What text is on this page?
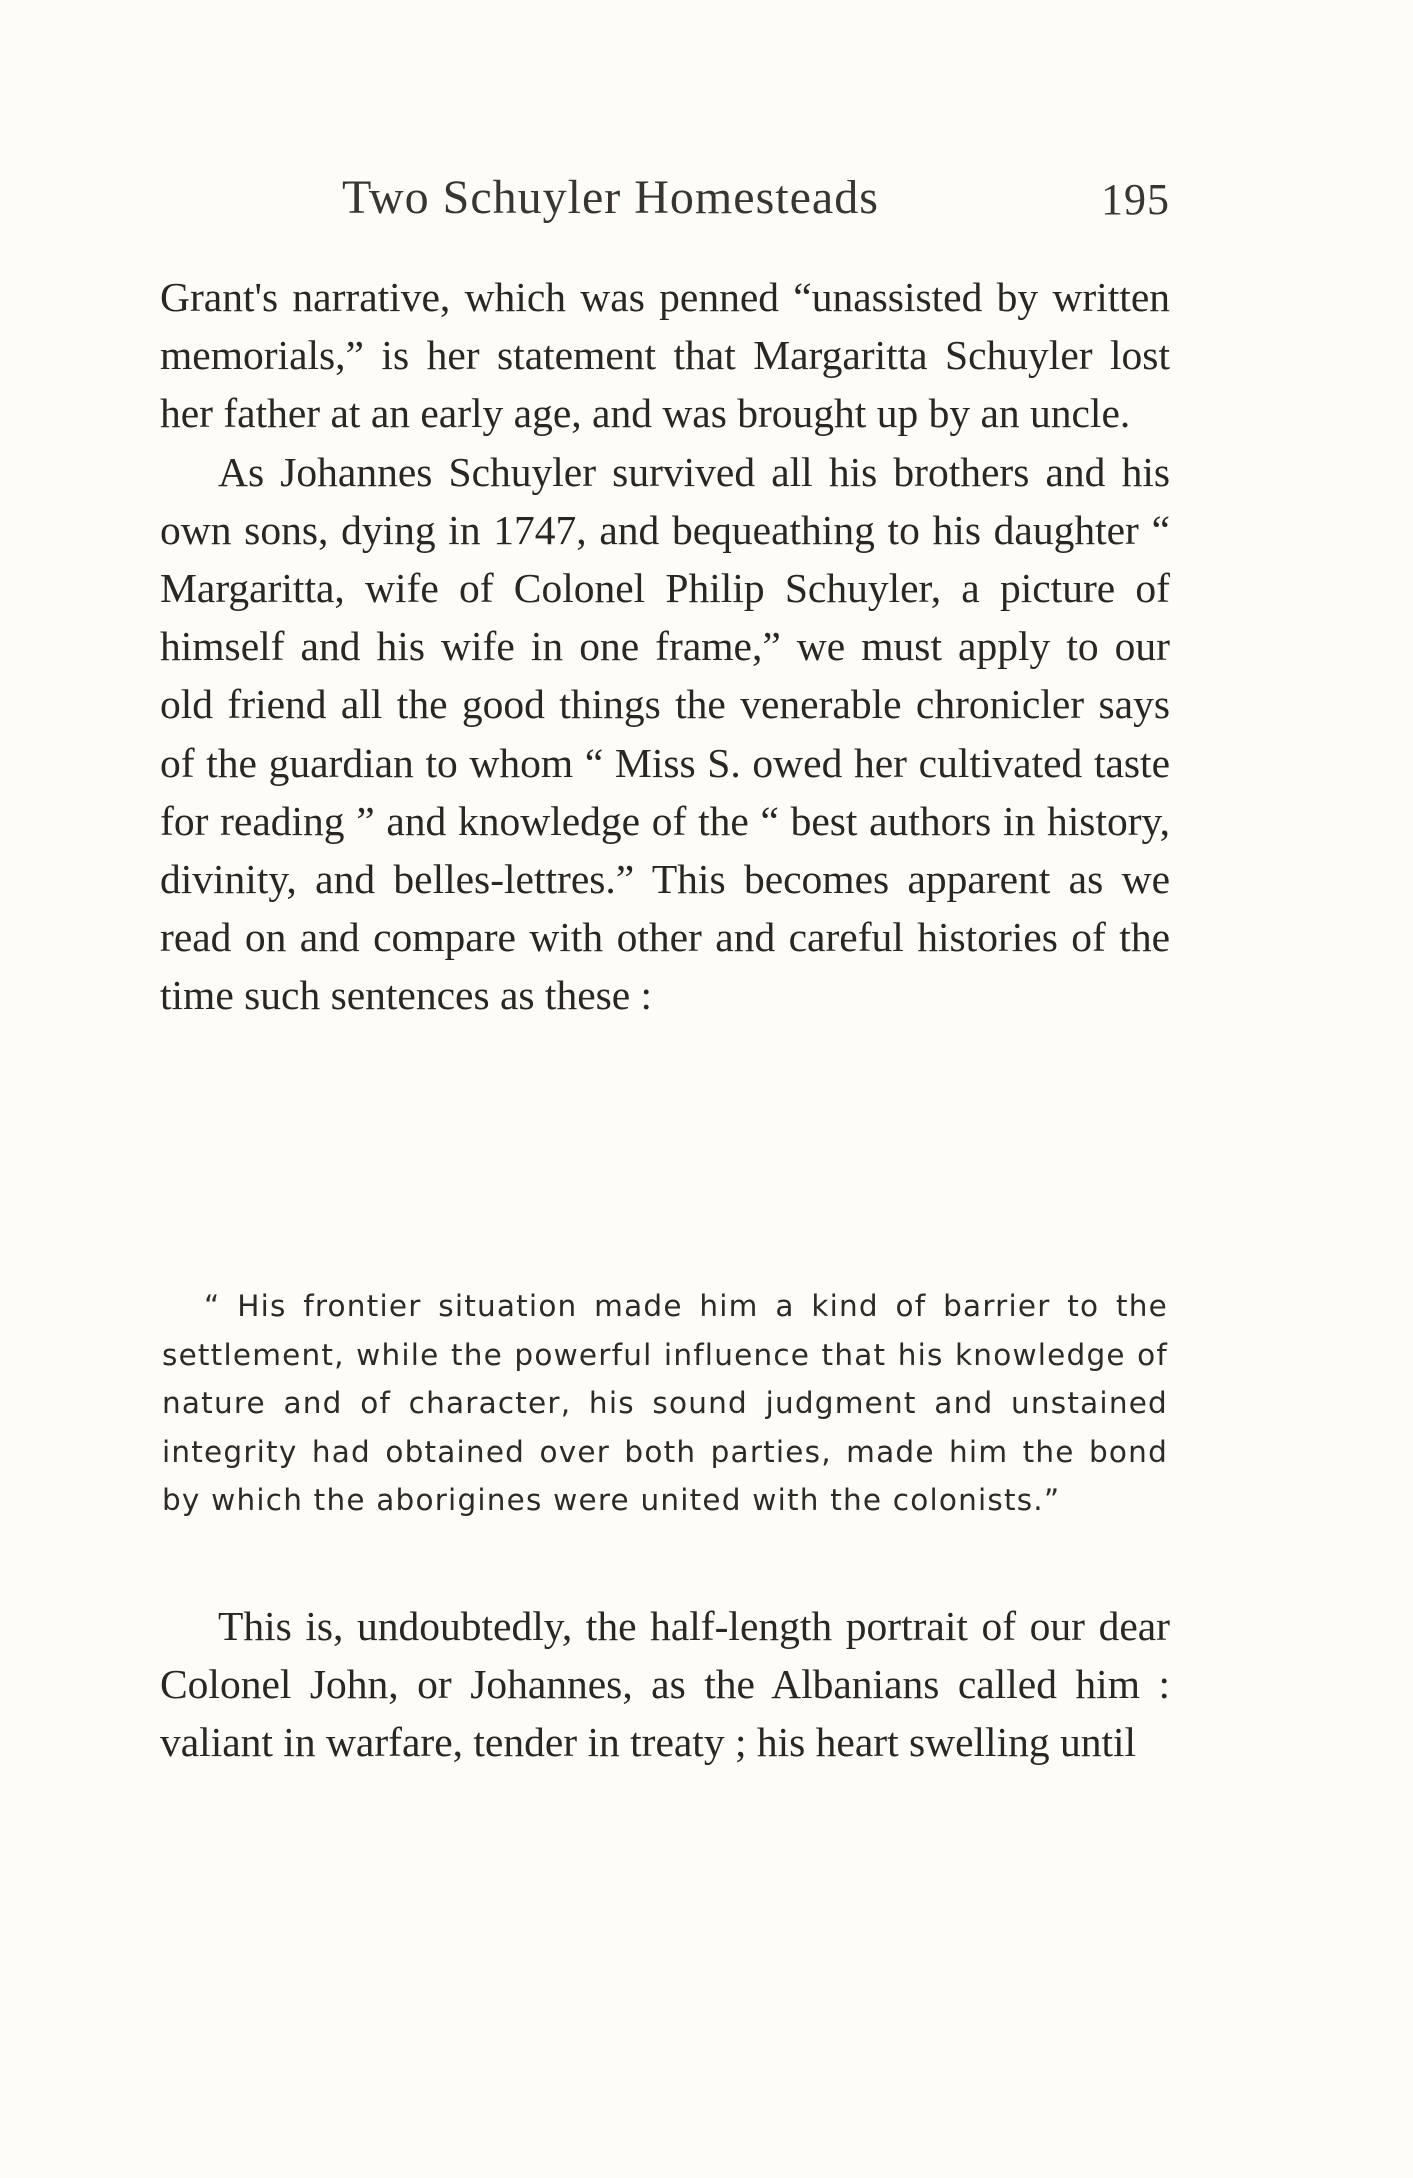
Two Schuyler Homesteads	195

Grant's narrative, which was penned “unassisted by written memorials,” is her statement that Margaritta Schuyler lost her father at an early age, and was brought up by an uncle.

As Johannes Schuyler survived all his brothers and his own sons, dying in 1747, and bequeathing to his daughter “ Margaritta, wife of Colonel Philip Schuyler, a picture of himself and his wife in one frame,” we must apply to our old friend all the good things the venerable chronicler says of the guardian to whom “ Miss S. owed her cultivated taste for reading ” and knowledge of the “ best authors in history, divinity, and belles-lettres.” This becomes apparent as we read on and compare with other and careful histories of the time such sentences as these :

“ His frontier situation made him a kind of barrier to the settlement, while the powerful influence that his knowledge of nature and of character, his sound judgment and unstained integrity had obtained over both parties, made him the bond by which the aborigines were united with the colonists.”

This is, undoubtedly, the half-length portrait of our dear Colonel John, or Johannes, as the Albanians called him : valiant in warfare, tender in treaty ; his heart swelling until
